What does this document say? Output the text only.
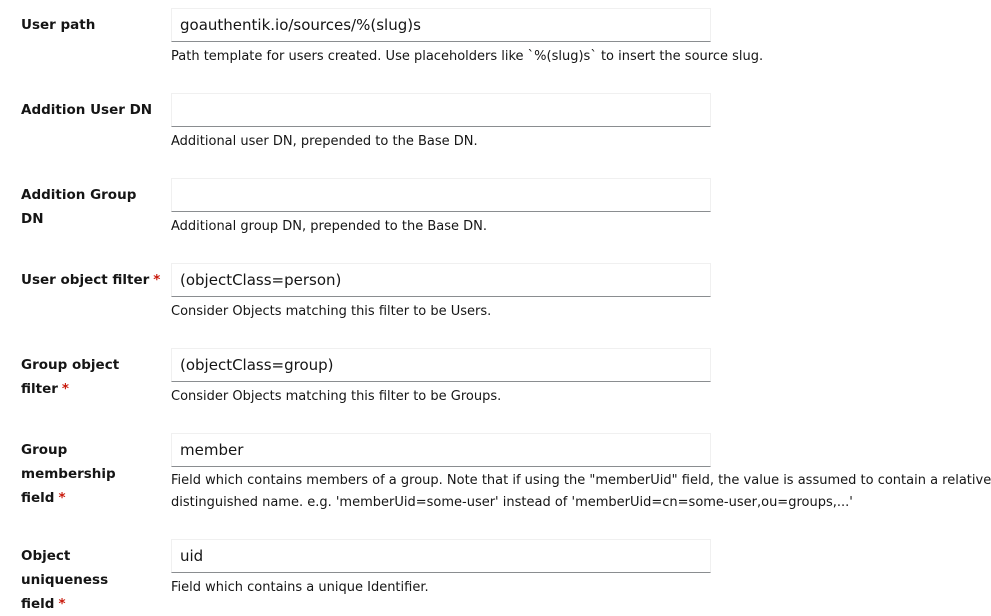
User path
goauthentik.io/sources/%(slug)s
Path template for users created. Use placeholders like `%(slug)s` to insert the source slug.
Addition User DN
Additional user DN, prepended to the Base DN.
Addition Group DN	Additional group DN, prepended to the Base DN.
User object filter *
(objectClass=person)
Consider Objects matching this filter to be Users.
Group object filter *
(objectClass=group)	Consider Objects matching this filter to be Groups.
Group membership
field *
member
Field which contains members of a group. Note that if using the "memberUid" field, the value is assumed to contain a relative
distinguished name. e.g. 'memberUid=some-user' instead of 'memberUid=cn=some-user,ou=groups,...'
Object uniqueness
field *
uid
Field which contains a unique Identifier.
